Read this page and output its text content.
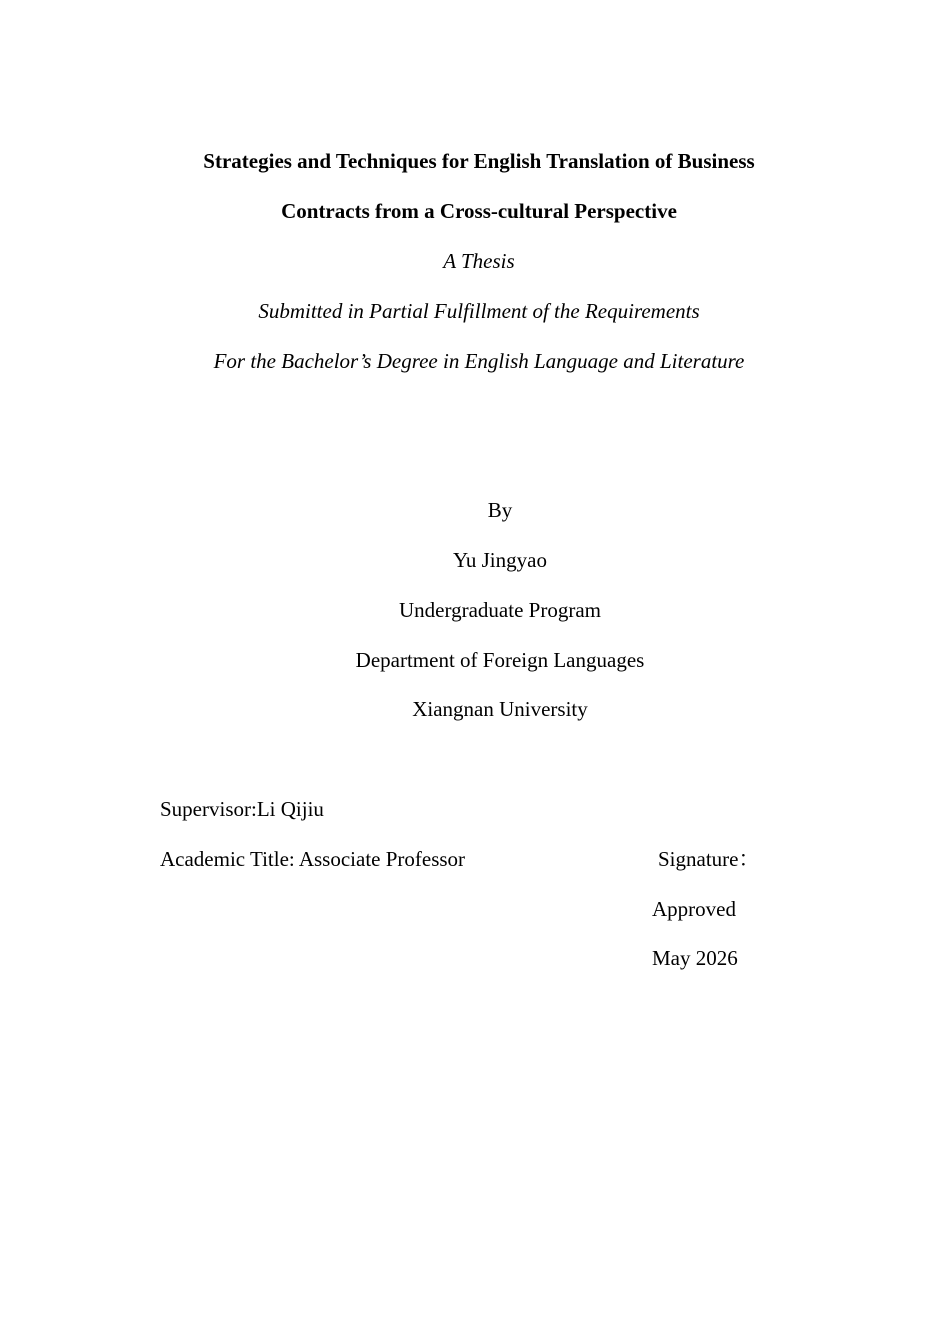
Strategies and Techniques for English Translation of Business
Contracts from a Cross-cultural Perspective
A Thesis
Submitted in Partial Fulfillment of the Requirements
For the Bachelor’s Degree in English Language and Literature
By
Yu Jingyao
Undergraduate Program
Department of Foreign Languages
Xiangnan University
Supervisor:Li Qijiu
Academic Title: Associate Professor	Signature：
Approved
May 2026
